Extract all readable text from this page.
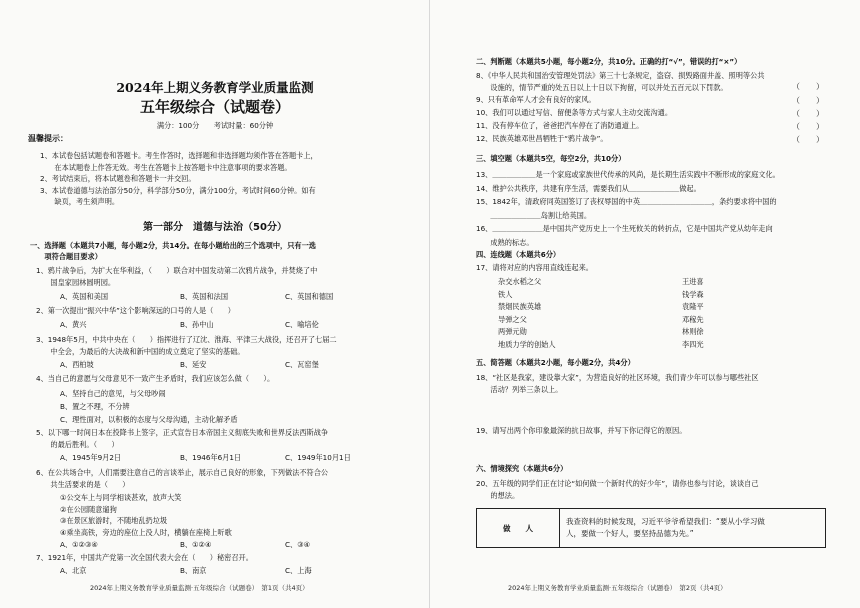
2024年上期义务教育学业质量监测
五年级综合（试题卷）
满分：100分　　考试时量：60分钟
温馨提示：
1、本试卷包括试题卷和答题卡。考生作答时，选择题和非选择题均须作答在答题卡上，
　　在本试题卷上作答无效。考生在答题卡上按答题卡中注意事项的要求答题。
2、考试结束后，将本试题卷和答题卡一并交回。
3、本试卷道德与法治部分50分，科学部分50分，满分100分，考试时间60分钟。如有
　　缺页，考生须声明。
第一部分　道德与法治（50分）
一、选择题（本题共7小题，每小题2分，共14分。在每小题给出的三个选项中，只有一选
　　项符合题目要求）
1、鸦片战争后，为扩大在华利益，（　　）联合对中国发动第二次鸦片战争，并焚烧了中
　　国皇家园林圆明园。
A、英国和美国	B、英国和法国	C、英国和德国
2、第一次提出“振兴中华”这个影响深远的口号的人是（　　）
A、黄兴	B、孙中山	C、喻培伦
3、1948年5月，中共中央在（　　）指挥进行了辽沈、淮海、平津三大战役，还召开了七届二
　　中全会，为最后的大决战和新中国的成立奠定了坚实的基础。
A、西柏坡	B、延安	C、瓦窑堡
4、当自己的意愿与父母意见不一致产生矛盾时，我们应该怎么做（　　）。
A、坚持自己的意见，与父母吵闹
B、置之不理，不分辨
C、理性面对，以积极的态度与父母沟通，主动化解矛盾
5、以下哪一时间日本在投降书上签字，正式宣告日本帝国主义彻底失败和世界反法西斯战争
　　的最后胜利。（　　）
A、1945年9月2日	B、1946年6月1日	C、1949年10月1日
6、在公共场合中，人们需要注意自己的言谈举止，展示自己良好的形象，下列做法不符合公
　　共生活要求的是（　　）
①公交车上与同学相谈甚欢，放声大笑
②在公园随意遛狗
③在景区旅游时，不随地乱扔垃圾
④乘坐高铁，旁边的座位上没人时，横躺在座椅上听歌
A、①②③④	B、①②④	C、③④
7、1921年，中国共产党第一次全国代表大会在（　　）秘密召开。
A、北京	B、南京	C、上海
2024年上期义务教育学业质量监测·五年级综合（试题卷）　第1页（共4页）
二、判断题（本题共5小题，每小题2分，共10分。正确的打“√”，错误的打“×”）
8、《中华人民共和国治安管理处罚法》第三十七条规定，盗窃、损毁路面井盖、照明等公共
　　设施的，情节严重的处五日以上十日以下拘留，可以并处五百元以下罚款。
9、只有革命军人才会有良好的家风。
10、我们可以通过写信、留便条等方式与家人主动交流沟通。
11、没有停车位了，爸爸把汽车停在了消防通道上。
12、民族英雄邓世昌牺牲于“鸦片战争”。
（　　）
（　　）
（　　）
（　　）
（　　）
三、填空题（本题共5空，每空2分，共10分）
13、＿＿＿＿＿＿是一个家庭或家族世代传承的风尚，是长期生活实践中不断形成的家庭文化。
14、维护公共秩序，共建有序生活，需要我们从＿＿＿＿＿＿＿做起。
15、1842年，清政府同英国签订了丧权辱国的中英＿＿＿＿＿＿＿＿＿＿，条约要求将中国的
　　＿＿＿＿＿＿＿岛割让给英国。
16、＿＿＿＿＿＿＿是中国共产党历史上一个生死攸关的转折点，它是中国共产党从幼年走向
　　成熟的标志。
四、连线题（本题共6分）
17、请将对应的内容用直线连起来。
杂交水稻之父
铁人
禁烟民族英雄
导弹之父
两弹元勋
地质力学的创始人
王进喜
钱学森
袁隆平
邓稼先
林则徐
李四光
五、简答题（本题共2小题，每小题2分，共4分）
18、“社区是我家，建设靠大家”，为营造良好的社区环境，我们青少年可以参与哪些社区
　　活动？列举三条以上。
19、请写出两个你印象最深的抗日故事，并写下你记得它的原因。
六、情境探究（本题共6分）
20、五年级的同学们正在讨论“如何做一个新时代的好少年”，请你也参与讨论，谈谈自己
　　的想法。
做　　人	
我查资料的时候发现，习近平爷爷希望我们：“要从小学习做
人，要做一个好人，要坚持品德为先。”
2024年上期义务教育学业质量监测·五年级综合（试题卷）　第2页（共4页）
